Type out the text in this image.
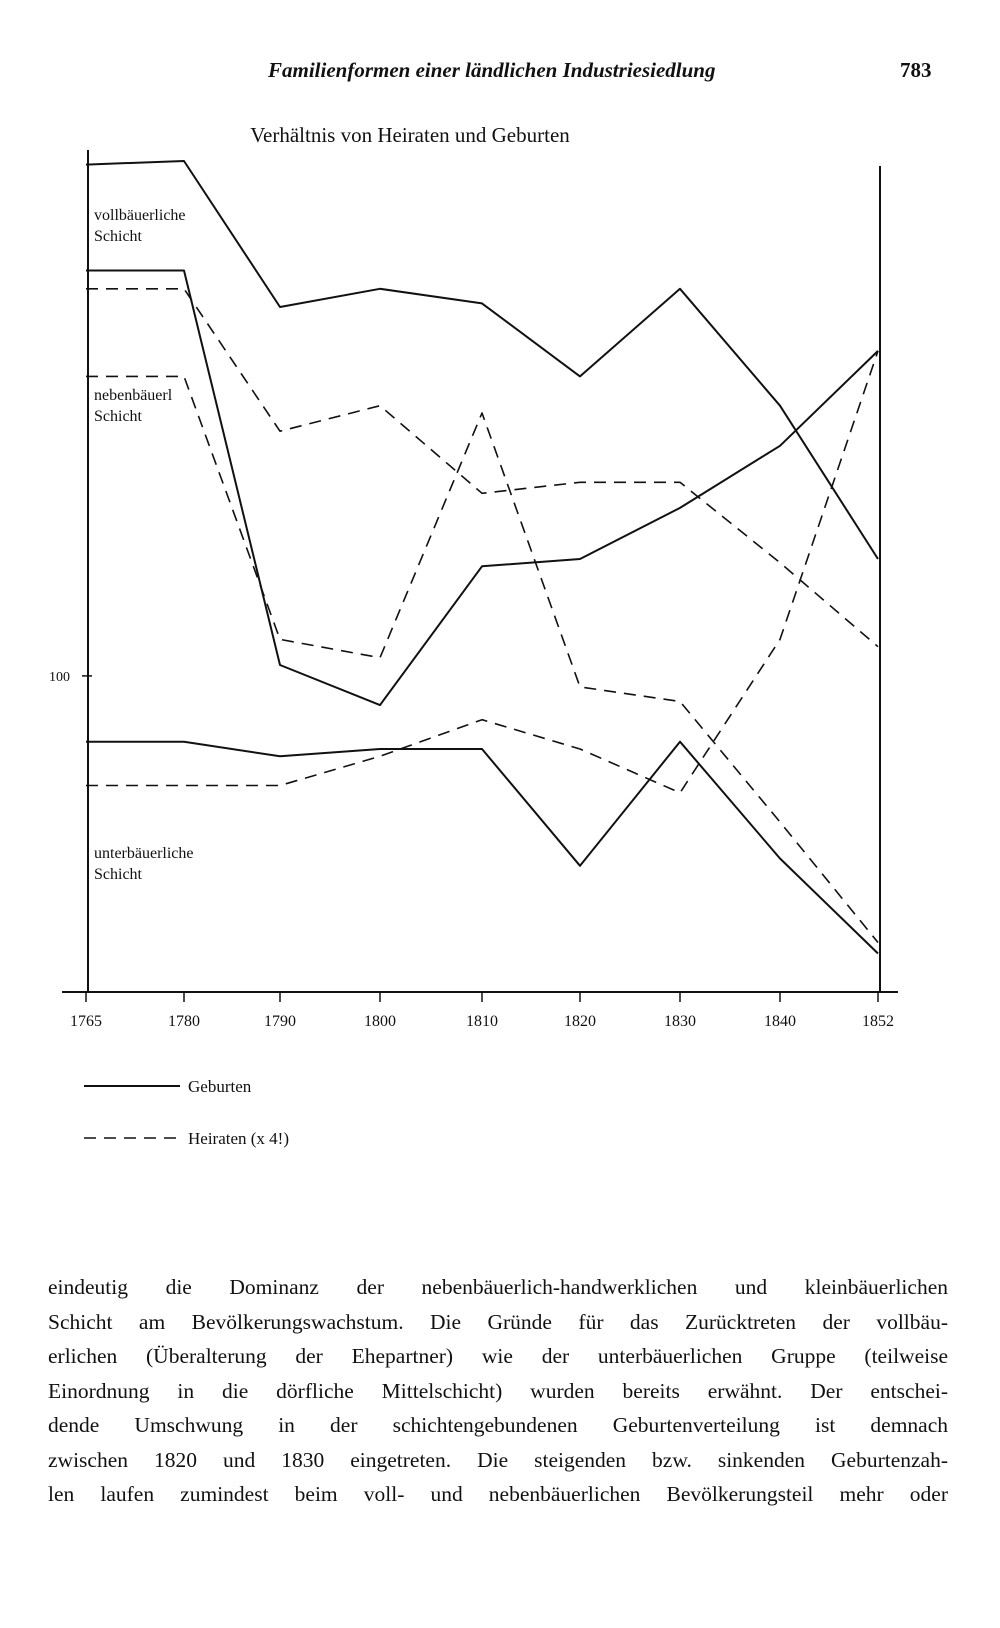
Familienformen einer ländlichen Industriesiedlung	783
Verhältnis von Heiraten und Geburten
1765	1780	1790	1800	1810	1820	1830	1840	1852
100
vollbäuerliche
Schicht
nebenbäuerl
Schicht
unterbäuerliche
Schicht
Geburten
Heiraten (x 4!)

eindeutig die Dominanz der nebenbäuerlich-handwerklichen und kleinbäuerlichen

Schicht am Bevölkerungswachstum. Die Gründe für das Zurücktreten der vollbäu-

erlichen (Überalterung der Ehepartner) wie der unterbäuerlichen Gruppe (teilweise

Einordnung in die dörfliche Mittelschicht) wurden bereits erwähnt. Der entschei-

dende Umschwung in der schichtengebundenen Geburtenverteilung ist demnach

zwischen 1820 und 1830 eingetreten. Die steigenden bzw. sinkenden Geburtenzah-

len laufen zumindest beim voll- und nebenbäuerlichen Bevölkerungsteil mehr oder
